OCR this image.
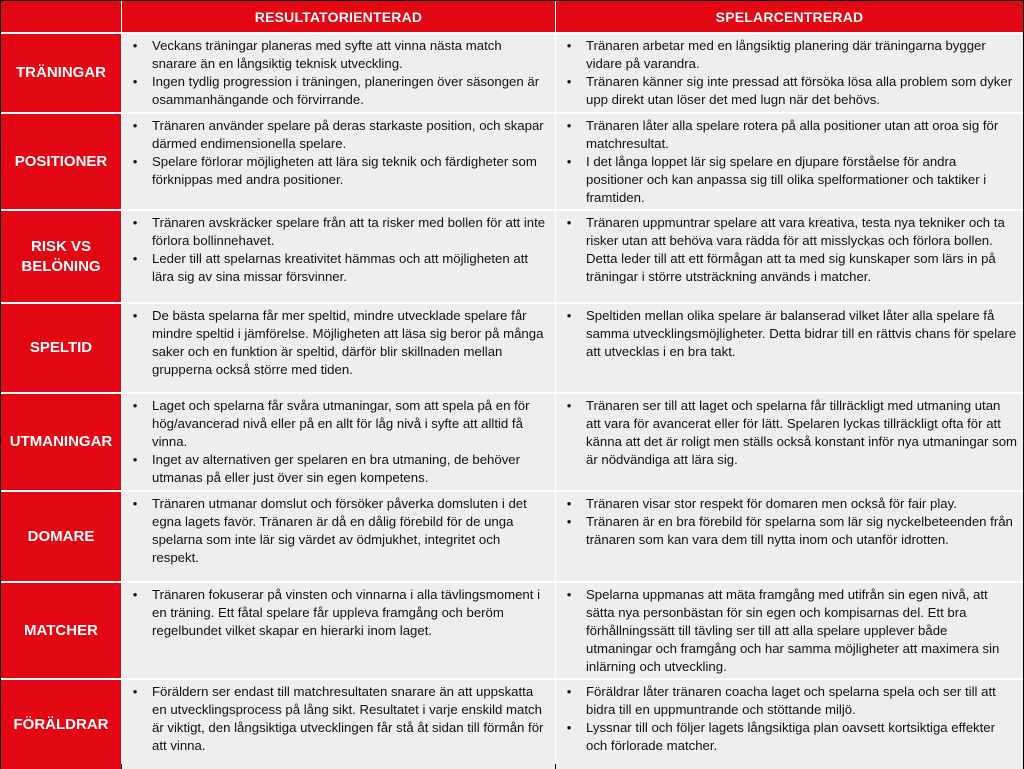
RESULTATORIENTERAD	SPELARCENTRERAD
TRÄNINGAR
• Veckans träningar planeras med syfte att vinna nästa match snarare än en långsiktig teknisk utveckling.
• Ingen tydlig progression i träningen, planeringen över säsongen är osammanhängande och förvirrande.
• Tränaren arbetar med en långsiktig planering där träningarna bygger vidare på varandra.
• Tränaren känner sig inte pressad att försöka lösa alla problem som dyker upp direkt utan löser det med lugn när det behövs.
POSITIONER
• Tränaren använder spelare på deras starkaste position, och skapar därmed endimensionella spelare.
• Spelare förlorar möjligheten att lära sig teknik och färdigheter som förknippas med andra positioner.
• Tränaren låter alla spelare rotera på alla positioner utan att oroa sig för matchresultat.
• I det långa loppet lär sig spelare en djupare förståelse för andra positioner och kan anpassa sig till olika spelformationer och taktiker i framtiden.
RISK VS
BELÖNING
• Tränaren avskräcker spelare från att ta risker med bollen för att inte förlora bollinnehavet.
• Leder till att spelarnas kreativitet hämmas och att möjligheten att lära sig av sina missar försvinner.
• Tränaren uppmuntrar spelare att vara kreativa, testa nya tekniker och ta risker utan att behöva vara rädda för att misslyckas och förlora bollen. Detta leder till att ett förmågan att ta med sig kunskaper som lärs in på träningar i större utsträckning används i matcher.
SPELTID
• De bästa spelarna får mer speltid, mindre utvecklade spelare får mindre speltid i jämförelse. Möjligheten att läsa sig beror på många saker och en funktion är speltid, därför blir skillnaden mellan grupperna också större med tiden.
• Speltiden mellan olika spelare är balanserad vilket låter alla spelare få samma utvecklingsmöjligheter. Detta bidrar till en rättvis chans för spelare att utvecklas i en bra takt.
UTMANINGAR
• Laget och spelarna får svåra utmaningar, som att spela på en för hög/avancerad nivå eller på en allt för låg nivå i syfte att alltid få vinna.
• Inget av alternativen ger spelaren en bra utmaning, de behöver utmanas på eller just över sin egen kompetens.
• Tränaren ser till att laget och spelarna får tillräckligt med utmaning utan att vara för avancerat eller för lätt. Spelaren lyckas tillräckligt ofta för att känna att det är roligt men ställs också konstant inför nya utmaningar som är nödvändiga att lära sig.
DOMARE
• Tränaren utmanar domslut och försöker påverka domsluten i det egna lagets favör. Tränaren är då en dålig förebild för de unga spelarna som inte lär sig värdet av ödmjukhet, integritet och respekt.
• Tränaren visar stor respekt för domaren men också för fair play.
• Tränaren är en bra förebild för spelarna som lär sig nyckelbeteenden från tränaren som kan vara dem till nytta inom och utanför idrotten.
MATCHER
• Tränaren fokuserar på vinsten och vinnarna i alla tävlingsmoment i en träning. Ett fåtal spelare får uppleva framgång och beröm regelbundet vilket skapar en hierarki inom laget.
• Spelarna uppmanas att mäta framgång med utifrån sin egen nivå, att sätta nya personbästan för sin egen och kompisarnas del. Ett bra förhållningssätt till tävling ser till att alla spelare upplever både utmaningar och framgång och har samma möjligheter att maximera sin inlärning och utveckling.
FÖRÄLDRAR
• Föräldern ser endast till matchresultaten snarare än att uppskatta en utvecklingsprocess på lång sikt. Resultatet i varje enskild match är viktigt, den långsiktiga utvecklingen får stå åt sidan till förmån för att vinna.
• Föräldrar låter tränaren coacha laget och spelarna spela och ser till att bidra till en uppmuntrande och stöttande miljö.
• Lyssnar till och följer lagets långsiktiga plan oavsett kortsiktiga effekter och förlorade matcher.
